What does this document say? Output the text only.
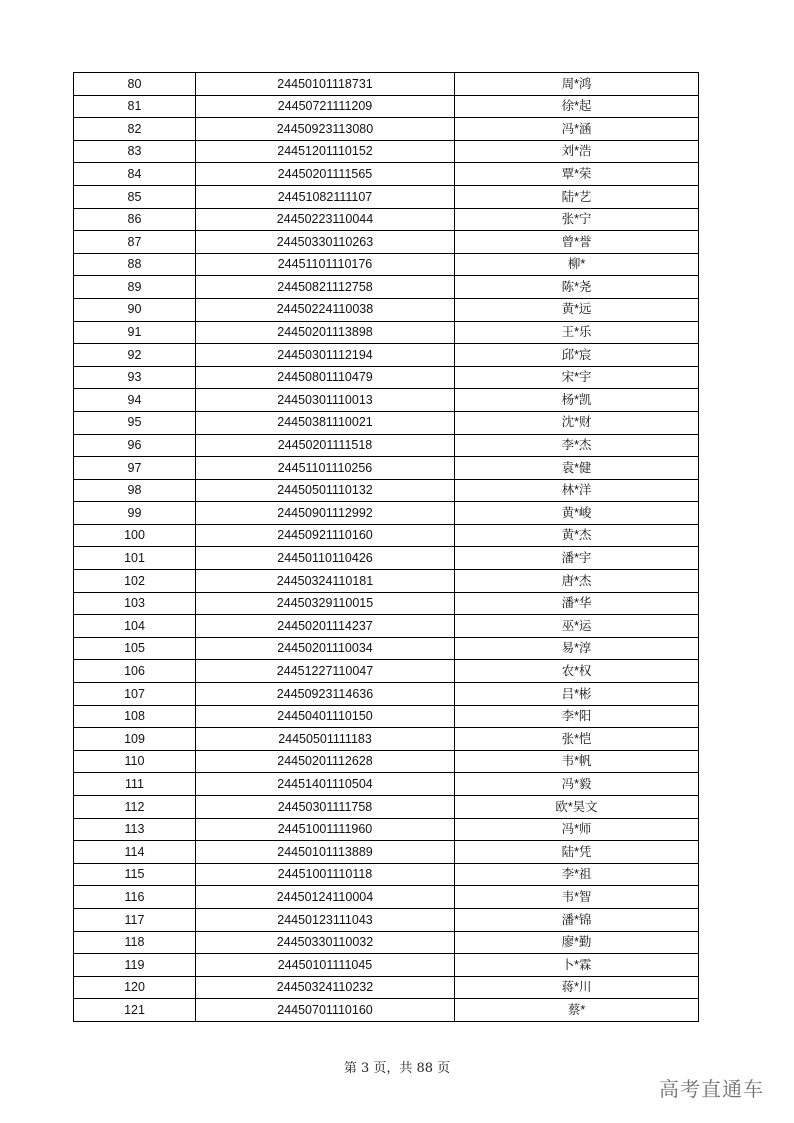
80	24450101118731	周*鸿
81	24450721111209	徐*起
82	24450923113080	冯*涵
83	24451201110152	刘*浩
84	24450201111565	覃*荣
85	24451082111107	陆*艺
86	24450223110044	张*宁
87	24450330110263	曾*誉
88	24451101110176	柳*
89	24450821112758	陈*尧
90	24450224110038	黄*远
91	24450201113898	王*乐
92	24450301112194	邱*宸
93	24450801110479	宋*宇
94	24450301110013	杨*凯
95	24450381110021	沈*财
96	24450201111518	李*杰
97	24451101110256	袁*健
98	24450501110132	林*洋
99	24450901112992	黄*峻
100	24450921110160	黄*杰
101	24450110110426	潘*宇
102	24450324110181	唐*杰
103	24450329110015	潘*华
104	24450201114237	巫*运
105	24450201110034	易*淳
106	24451227110047	农*权
107	24450923114636	吕*彬
108	24450401110150	李*阳
109	24450501111183	张*恺
110	24450201112628	韦*帆
111	24451401110504	冯*毅
112	24450301111758	欧*昊文
113	24451001111960	冯*师
114	24450101113889	陆*凭
115	24451001110118	李*祖
116	24450124110004	韦*智
117	24450123111043	潘*锦
118	24450330110032	廖*勤
119	24450101111045	卜*霖
120	24450324110232	蒋*川
121	24450701110160	蔡*
第 3 页，共 88 页
高考直通车
